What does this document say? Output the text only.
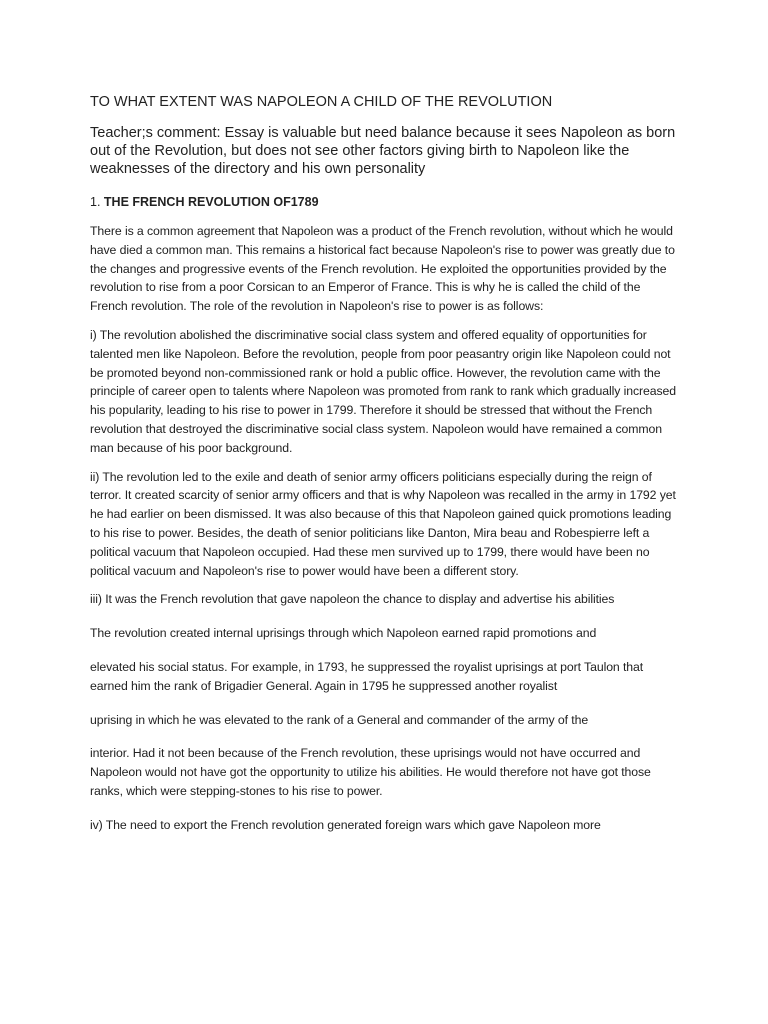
TO WHAT EXTENT WAS NAPOLEON A CHILD OF THE REVOLUTION

Teacher;s comment: Essay is valuable but need balance because it sees Napoleon as born out of the Revolution, but does not see other factors giving birth to Napoleon like the weaknesses of the directory and his own personality

1. THE FRENCH REVOLUTION OF1789

There is a common agreement that Napoleon was a product of the French revolution, without which he would have died a common man. This remains a historical fact because Napoleon's rise to power was greatly due to the changes and progressive events of the French revolution. He exploited the opportunities provided by the revolution to rise from a poor Corsican to an Emperor of France. This is why he is called the child of the French revolution. The role of the revolution in Napoleon's rise to power is as follows:

i) The revolution abolished the discriminative social class system and offered equality of opportunities for talented men like Napoleon. Before the revolution, people from poor peasantry origin like Napoleon could not be promoted beyond non-commissioned rank or hold a public office. However, the revolution came with the principle of career open to talents where Napoleon was promoted from rank to rank which gradually increased his popularity, leading to his rise to power in 1799. Therefore it should be stressed that without the French revolution that destroyed the discriminative social class system. Napoleon would have remained a common man because of his poor background.

ii) The revolution led to the exile and death of senior army officers politicians especially during the reign of terror. It created scarcity of senior army officers and that is why Napoleon was recalled in the army in 1792 yet he had earlier on been dismissed. It was also because of this that Napoleon gained quick promotions leading to his rise to power. Besides, the death of senior politicians like Danton, Mira beau and Robespierre left a political vacuum that Napoleon occupied. Had these men survived up to 1799, there would have been no political vacuum and Napoleon's rise to power would have been a different story.

iii) It was the French revolution that gave napoleon the chance to display and advertise his abilities

The revolution created internal uprisings through which Napoleon earned rapid promotions and

elevated his social status. For example, in 1793, he suppressed the royalist uprisings at port Taulon that earned him the rank of Brigadier General. Again in 1795 he suppressed another royalist

uprising in which he was elevated to the rank of a General and commander of the army of the

interior. Had it not been because of the French revolution, these uprisings would not have occurred and Napoleon would not have got the opportunity to utilize his abilities. He would therefore not have got those ranks, which were stepping-stones to his rise to power.

iv) The need to export the French revolution generated foreign wars which gave Napoleon more
